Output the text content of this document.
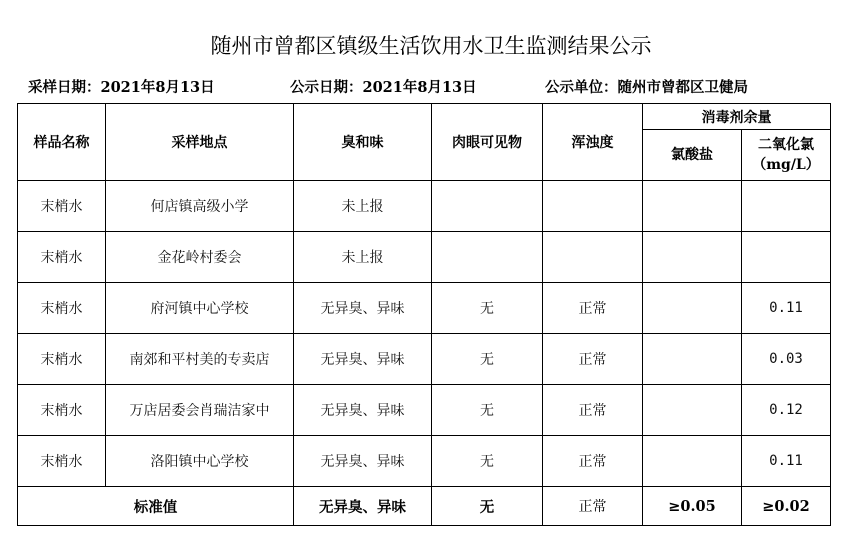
随州市曾都区镇级生活饮用水卫生监测结果公示
采样日期：2021年8月13日	公示日期：2021年8月13日	公示单位：随州市曾都区卫健局
样品名称	采样地点	臭和味	肉眼可见物	浑浊度	消毒剂余量	
					氯酸盐	二氧化氯
（mg/L）
末梢水	何店镇高级小学	未上报				
末梢水	金花岭村委会	未上报				
末梢水	府河镇中心学校	无异臭、异味	无	正常		0.11
末梢水	南郊和平村美的专卖店	无异臭、异味	无	正常		0.03
末梢水	万店居委会肖瑞洁家中	无异臭、异味	无	正常		0.12
末梢水	洛阳镇中心学校	无异臭、异味	无	正常		0.11
标准值		无异臭、异味	无	正常	≥0.05	≥0.02
